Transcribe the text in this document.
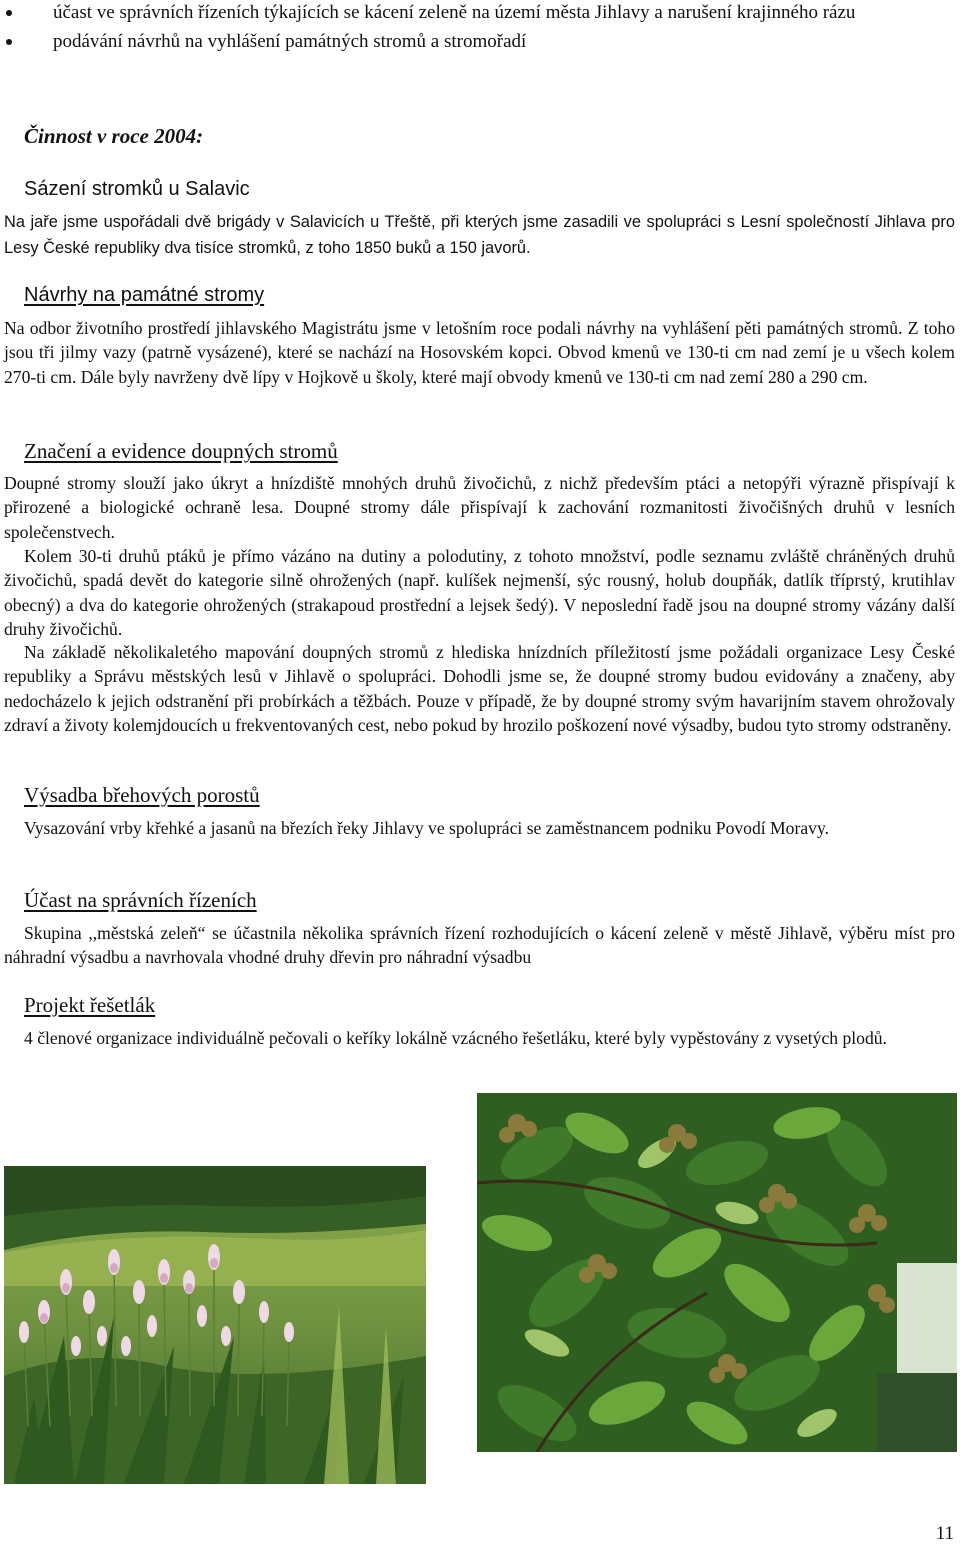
účast ve správních řízeních týkajících se kácení zeleně na území města Jihlavy a narušení krajinného rázu
podávání návrhů na vyhlášení památných stromů a stromořadí
Činnost v roce 2004:
Sázení stromků u Salavic

Na jaře jsme uspořádali dvě brigády v Salavicích u Třeště, při kterých jsme zasadili ve spolupráci s Lesní společností Jihlava pro Lesy České republiky dva tisíce stromků, z toho 1850 buků a 150 javorů.

Návrhy na památné stromy

Na odbor životního prostředí jihlavského Magistrátu jsme v letošním roce podali návrhy na vyhlášení pěti památných stromů. Z toho jsou tři jilmy vazy (patrně vysázené), které se nachází na Hosovském kopci. Obvod kmenů ve 130-ti cm nad zemí je u všech kolem 270-ti cm. Dále byly navrženy dvě lípy v Hojkově u školy, které mají obvody kmenů ve 130-ti cm nad zemí 280 a 290 cm.

Značení a evidence doupných stromů

Doupné stromy slouží jako úkryt a hnízdiště mnohých druhů živočichů, z nichž především ptáci a netopýři výrazně přispívají k přirozené a biologické ochraně lesa. Doupné stromy dále přispívají k zachování rozmanitosti živočišných druhů v lesních společenstvech.

Kolem 30-ti druhů ptáků je přímo vázáno na dutiny a polodutiny, z tohoto množství, podle seznamu zvláště chráněných druhů živočichů, spadá devět do kategorie silně ohrožených (např. kulíšek nejmenší, sýc rousný, holub doupňák, datlík tříprstý, krutihlav obecný) a dva do kategorie ohrožených (strakapoud prostřední a lejsek šedý). V neposlední řadě jsou na doupné stromy vázány další druhy živočichů.

Na základě několikaletého mapování doupných stromů z hlediska hnízdních příležitostí jsme požádali organizace Lesy České republiky a Správu městských lesů v Jihlavě o spolupráci. Dohodli jsme se, že doupné stromy budou evidovány a značeny, aby nedocházelo k jejich odstranění při probírkách a těžbách. Pouze v případě, že by doupné stromy svým havarijním stavem ohrožovaly zdraví a životy kolemjdoucích u frekventovaných cest, nebo pokud by hrozilo poškození nové výsadby, budou tyto stromy odstraněny.

Výsadba břehových porostů

Vysazování vrby křehké a jasanů na březích řeky Jihlavy ve spolupráci se zaměstnancem podniku Povodí Moravy.

Účast na správních řízeních

Skupina ,,městská zeleň“ se účastnila několika správních řízení rozhodujících o kácení zeleně v městě Jihlavě, výběru míst pro náhradní výsadbu a navrhovala vhodné druhy dřevin pro náhradní výsadbu

Projekt řešetlák

4 členové organizace individuálně pečovali o keříky lokálně vzácného řešetláku, které byly vypěstovány z vysetých plodů.

11
